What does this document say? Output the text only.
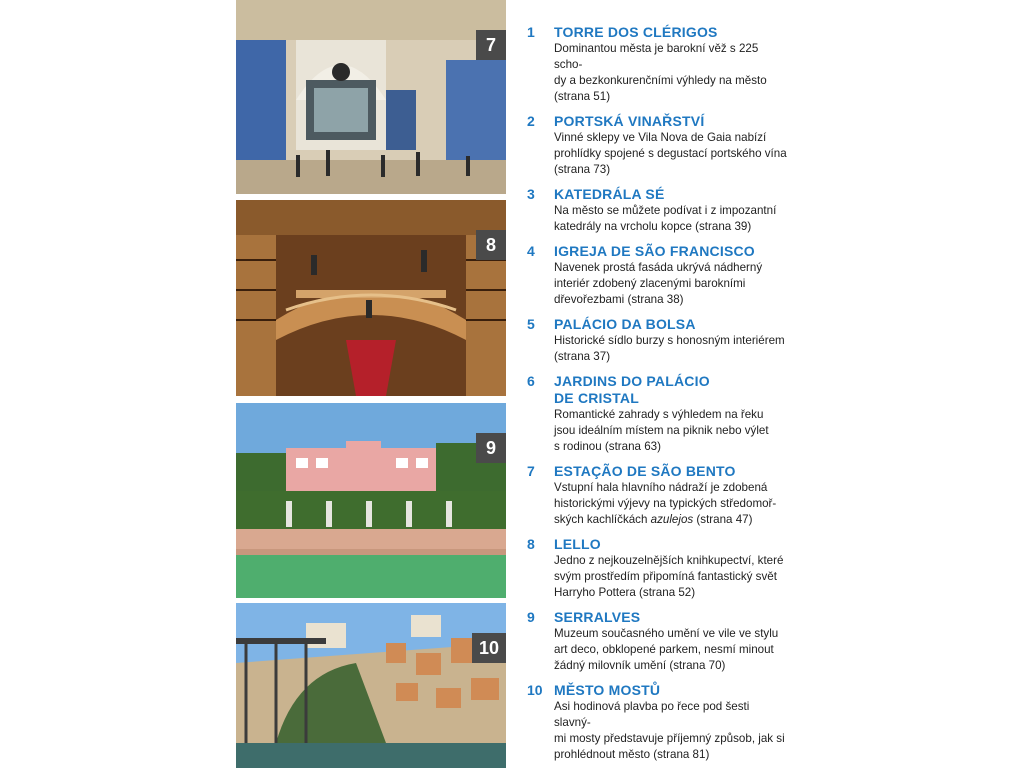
7
8
9
10
1 TORRE DOS CLÉRIGOS
Dominantou města je barokní věž s 225 scho-
dy a bezkonkurenčními výhledy na město
(strana 51)
2 PORTSKÁ VINAŘSTVÍ
Vinné sklepy ve Vila Nova de Gaia nabízí
prohlídky spojené s degustací portského vína
(strana 73)
3 KATEDRÁLA SÉ
Na město se můžete podívat i z impozantní
katedrály na vrcholu kopce (strana 39)
4 IGREJA DE SÃO FRANCISCO
Navenek prostá fasáda ukrývá nádherný
interiér zdobený zlacenými barokními
dřevořezbami (strana 38)
5 PALÁCIO DA BOLSA
Historické sídlo burzy s honosným interiérem
(strana 37)
6 JARDINS DO PALÁCIO
DE CRISTAL
Romantické zahrady s výhledem na řeku
jsou ideálním místem na piknik nebo výlet
s rodinou (strana 63)
7 ESTAÇÃO DE SÃO BENTO
Vstupní hala hlavního nádraží je zdobená
historickými výjevy na typických středomoř-
ských kachlíčkách azulejos (strana 47)
8 LELLO
Jedno z nejkouzelnějších knihkupectví, které
svým prostředím připomíná fantastický svět
Harryho Pottera (strana 52)
9 SERRALVES
Muzeum současného umění ve vile ve stylu
art deco, obklopené parkem, nesmí minout
žádný milovník umění (strana 70)
10 MĚSTO MOSTŮ
Asi hodinová plavba po řece pod šesti slavný-
mi mosty představuje příjemný způsob, jak si
prohlédnout město (strana 81)
